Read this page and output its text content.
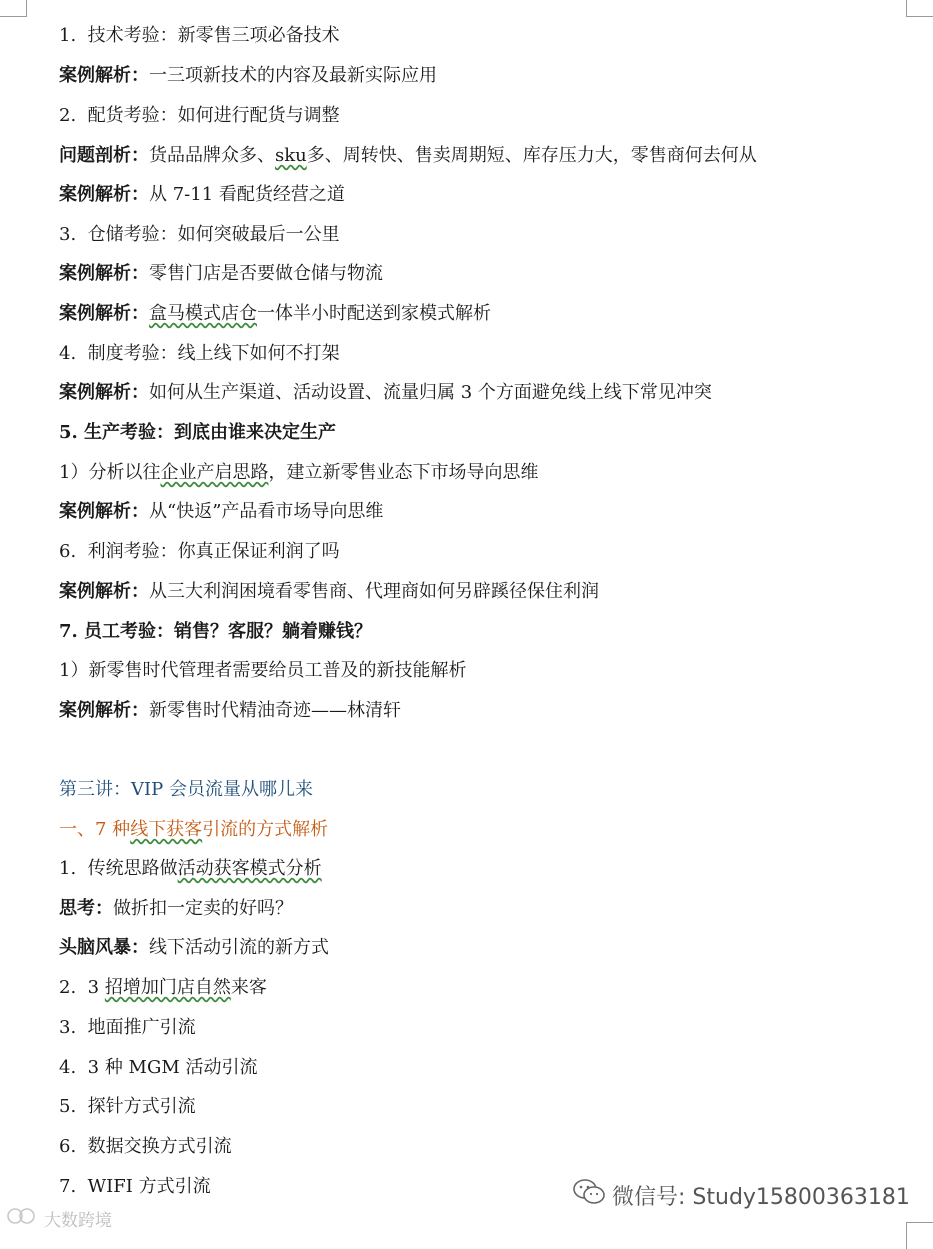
1. 技术考验：新零售三项必备技术
案例解析：一三项新技术的内容及最新实际应用
2. 配货考验：如何进行配货与调整
问题剖析：货品品牌众多、sku多、周转快、售卖周期短、库存压力大，零售商何去何从
案例解析：从 7-11 看配货经营之道
3. 仓储考验：如何突破最后一公里
案例解析：零售门店是否要做仓储与物流
案例解析：盒马模式店仓一体半小时配送到家模式解析
4. 制度考验：线上线下如何不打架
案例解析：如何从生产渠道、活动设置、流量归属 3 个方面避免线上线下常见冲突
5. 生产考验：到底由谁来决定生产
1）分析以往企业产启思路，建立新零售业态下市场导向思维
案例解析：从“快返”产品看市场导向思维
6. 利润考验：你真正保证利润了吗
案例解析：从三大利润困境看零售商、代理商如何另辟蹊径保住利润
7. 员工考验：销售？客服？躺着赚钱？
1）新零售时代管理者需要给员工普及的新技能解析
案例解析：新零售时代精油奇迹——林清轩
第三讲：VIP 会员流量从哪儿来
一、7 种线下获客引流的方式解析
1. 传统思路做活动获客模式分析
思考：做折扣一定卖的好吗？
头脑风暴：线下活动引流的新方式
2. 3 招增加门店自然来客
3. 地面推广引流
4. 3 种 MGM 活动引流
5. 探针方式引流
6. 数据交换方式引流
7. WIFI 方式引流	微信号: Study15800363181
大数跨境
